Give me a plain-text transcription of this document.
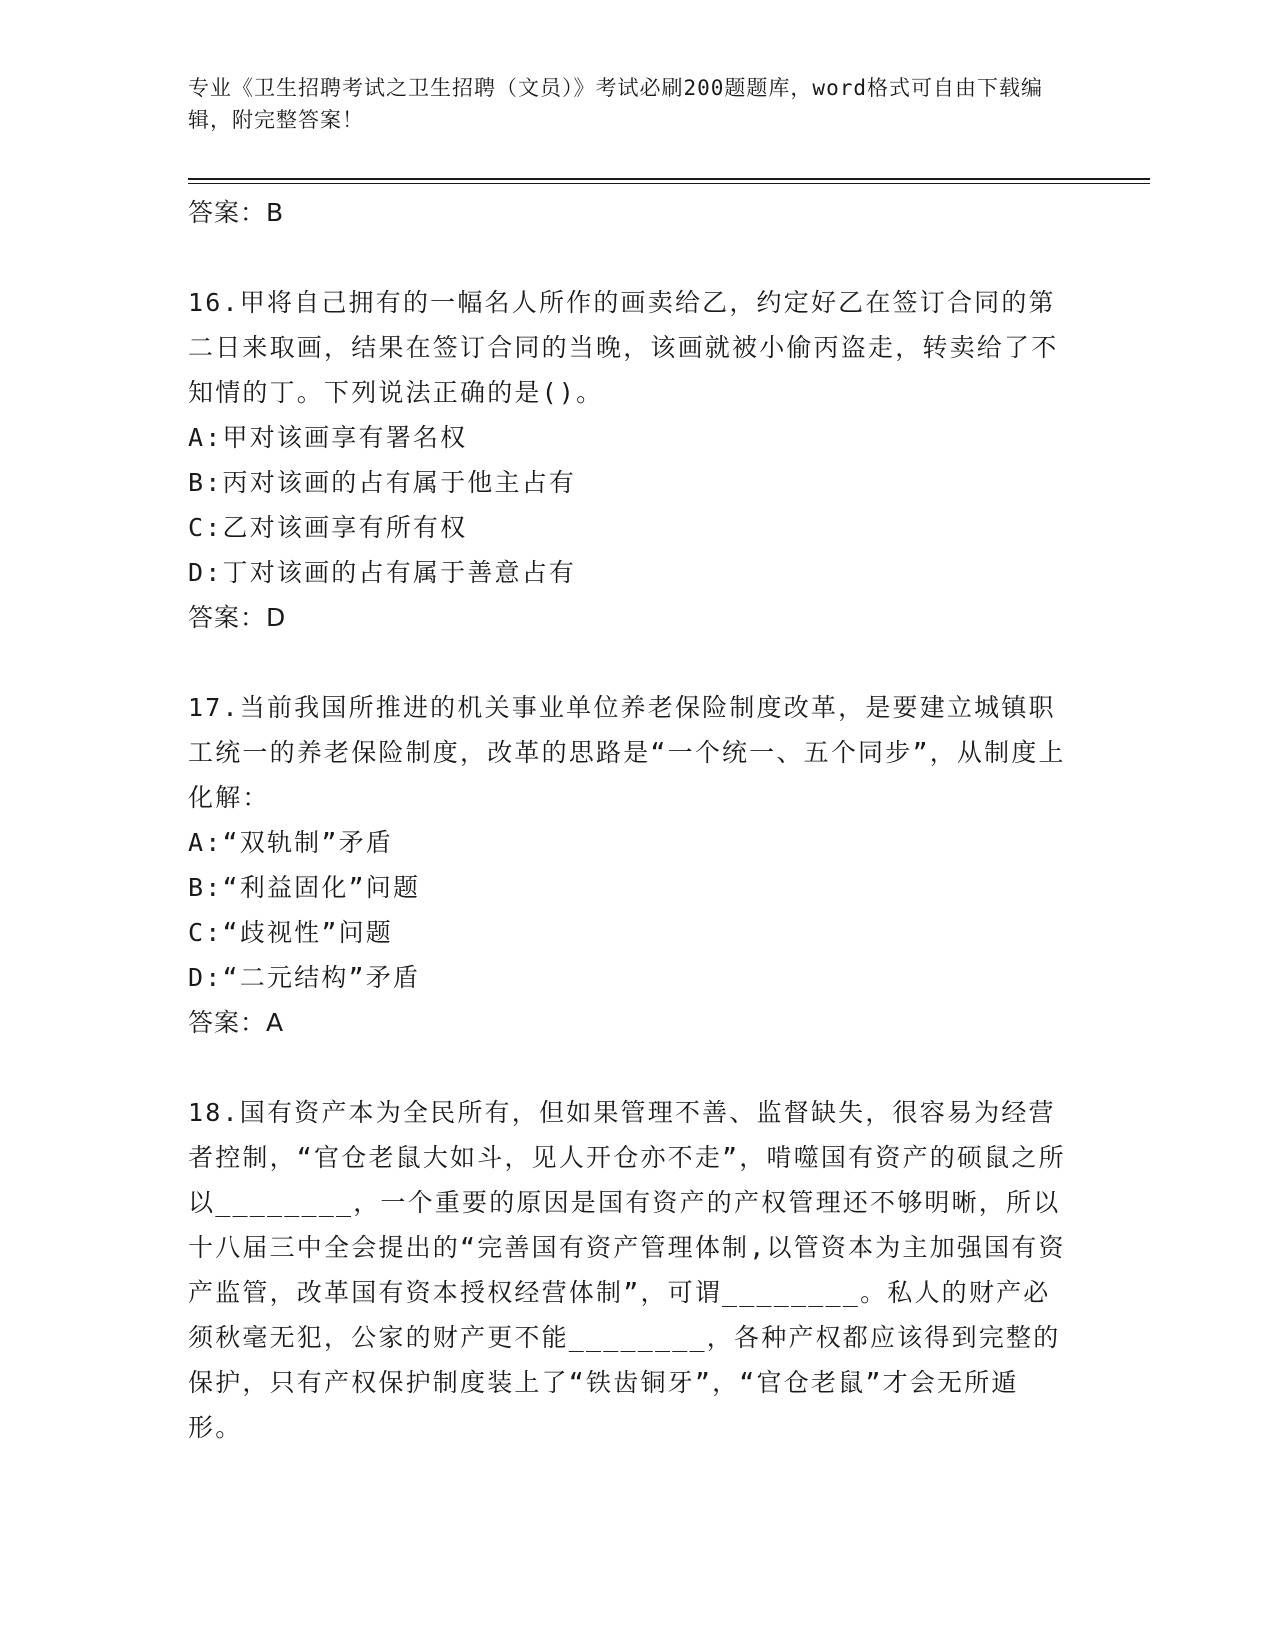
专业《卫生招聘考试之卫生招聘（文员）》考试必刷200题题库，word格式可自由下载编辑，附完整答案！

答案：B

16.甲将自己拥有的一幅名人所作的画卖给乙，约定好乙在签订合同的第二日来取画，结果在签订合同的当晚，该画就被小偷丙盗走，转卖给了不知情的丁。下列说法正确的是()。

A:甲对该画享有署名权

B:丙对该画的占有属于他主占有

C:乙对该画享有所有权

D:丁对该画的占有属于善意占有

答案：D

17.当前我国所推进的机关事业单位养老保险制度改革，是要建立城镇职工统一的养老保险制度，改革的思路是“一个统一、五个同步”，从制度上化解：

A:“双轨制”矛盾

B:“利益固化”问题

C:“歧视性”问题

D:“二元结构”矛盾

答案：A

18.国有资产本为全民所有，但如果管理不善、监督缺失，很容易为经营者控制，“官仓老鼠大如斗，见人开仓亦不走”，啃噬国有资产的硕鼠之所以________，一个重要的原因是国有资产的产权管理还不够明晰，所以十八届三中全会提出的“完善国有资产管理体制,以管资本为主加强国有资产监管，改革国有资本授权经营体制”，可谓________。私人的财产必须秋毫无犯，公家的财产更不能________，各种产权都应该得到完整的保护，只有产权保护制度装上了“铁齿铜牙”，“官仓老鼠”才会无所遁形。
